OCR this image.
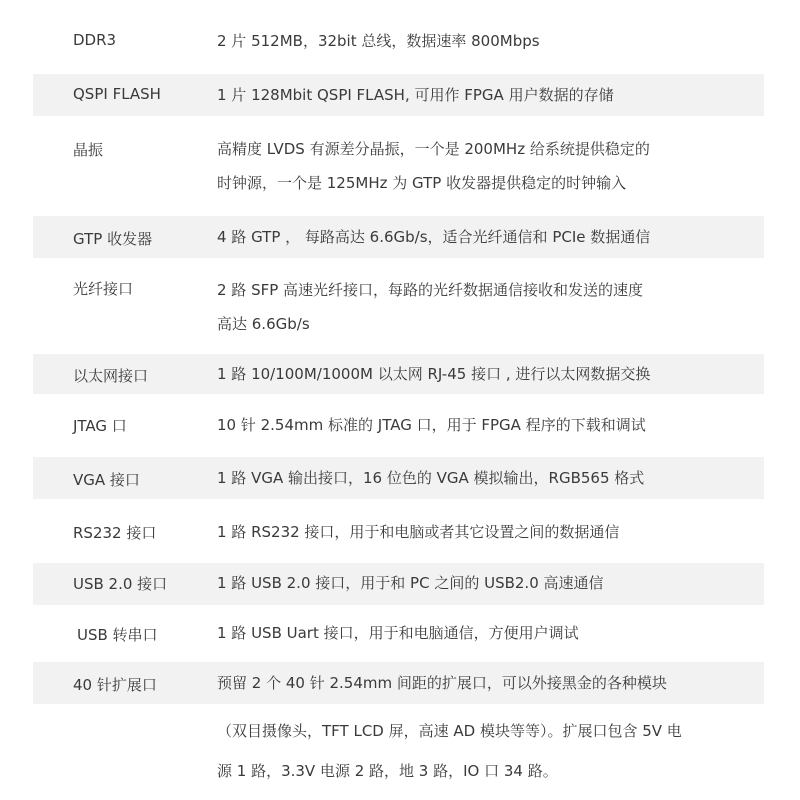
DDR3	2 片 512MB，32bit 总线，数据速率 800Mbps
QSPI FLASH	1 片 128Mbit QSPI FLASH, 可用作 FPGA 用户数据的存储
晶振	高精度 LVDS 有源差分晶振，一个是 200MHz 给系统提供稳定的
时钟源，一个是 125MHz 为 GTP 收发器提供稳定的时钟输入
GTP 收发器	4 路 GTP ， 每路高达 6.6Gb/s，适合光纤通信和 PCIe 数据通信
光纤接口	2 路 SFP 高速光纤接口，每路的光纤数据通信接收和发送的速度
高达 6.6Gb/s
以太网接口	1 路 10/100M/1000M 以太网 RJ-45 接口 , 进行以太网数据交换
JTAG 口	10 针 2.54mm 标准的 JTAG 口，用于 FPGA 程序的下载和调试
VGA 接口	1 路 VGA 输出接口，16 位色的 VGA 模拟输出，RGB565 格式
RS232 接口	1 路 RS232 接口，用于和电脑或者其它设置之间的数据通信
USB 2.0 接口	1 路 USB 2.0 接口，用于和 PC 之间的 USB2.0 高速通信
USB 转串口	1 路 USB Uart 接口，用于和电脑通信，方便用户调试
40 针扩展口	预留 2 个 40 针 2.54mm 间距的扩展口，可以外接黑金的各种模块
（双目摄像头，TFT LCD 屏，高速 AD 模块等等）。扩展口包含 5V 电
源 1 路，3.3V 电源 2 路，地 3 路，IO 口 34 路。
